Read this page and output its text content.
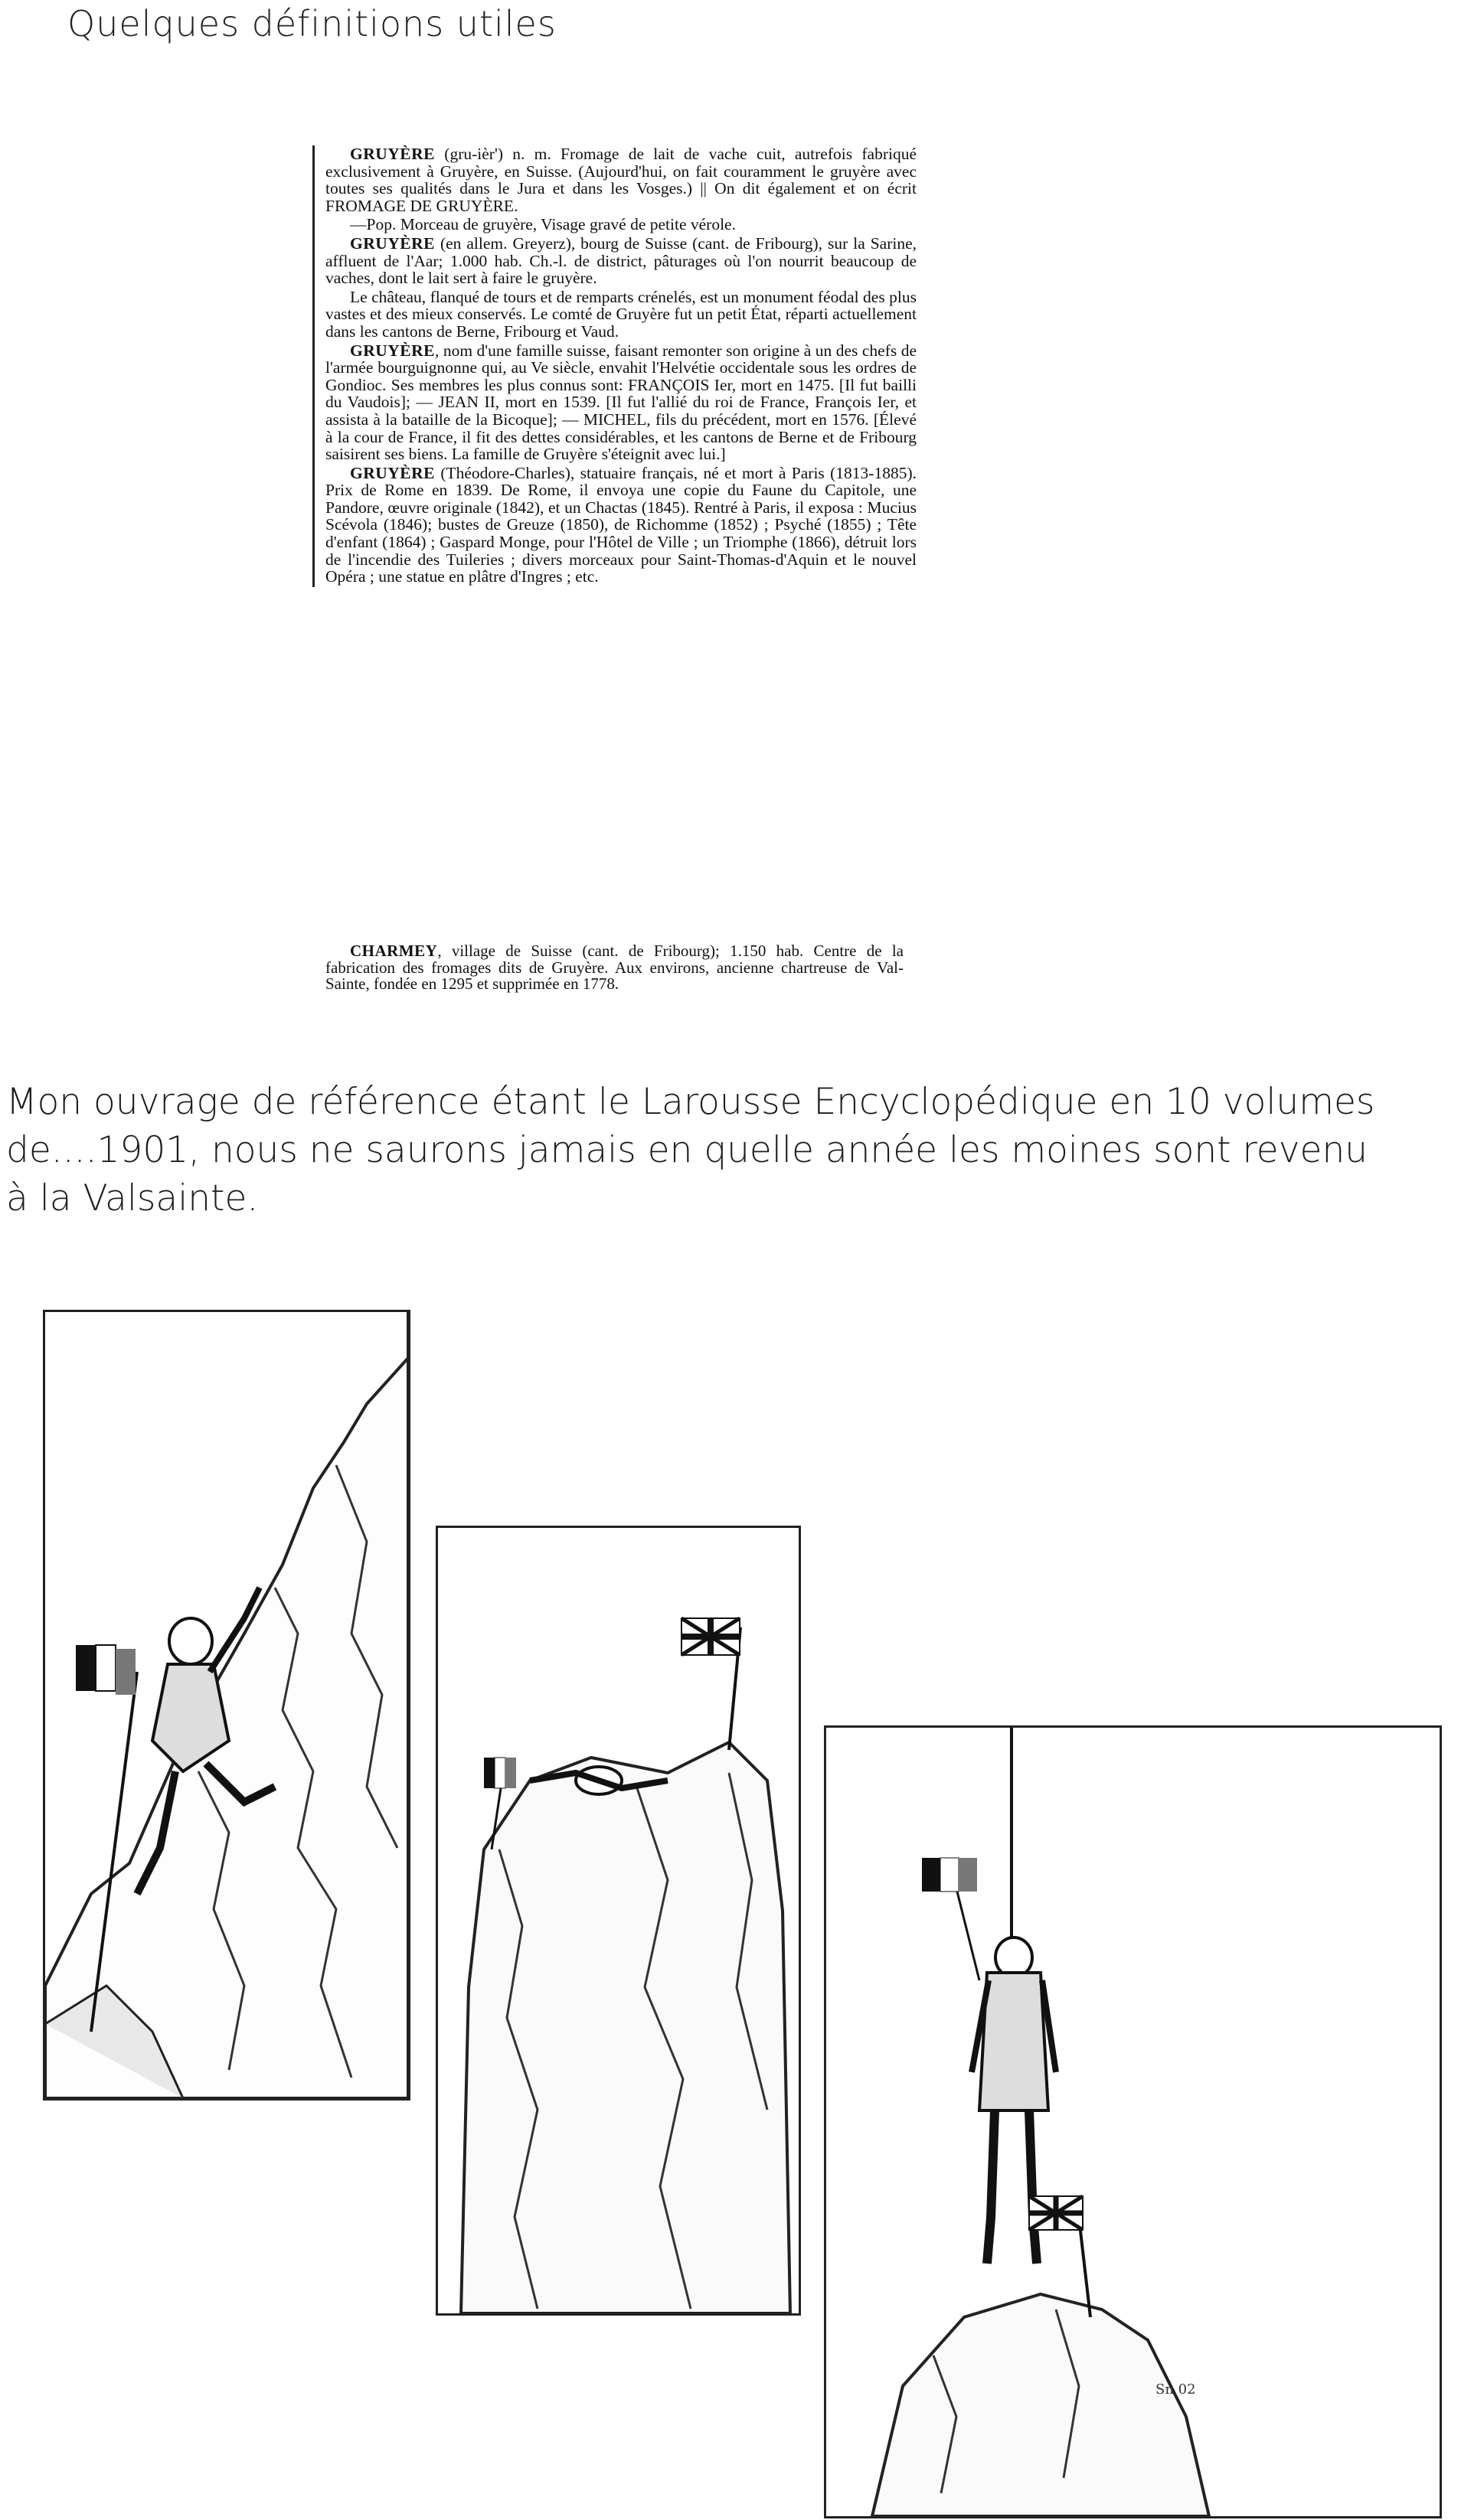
Quelques définitions utiles

GRUYÈRE (gru-ièr') n. m. Fromage de lait de vache cuit, autrefois fabriqué exclusivement à Gruyère, en Suisse. (Aujourd'hui, on fait couramment le gruyère avec toutes ses qualités dans le Jura et dans les Vosges.) || On dit également et on écrit FROMAGE DE GRUYÈRE.

—Pop. Morceau de gruyère, Visage gravé de petite vérole.

GRUYÈRE (en allem. Greyerz), bourg de Suisse (cant. de Fribourg), sur la Sarine, affluent de l'Aar; 1.000 hab. Ch.-l. de district, pâturages où l'on nourrit beaucoup de vaches, dont le lait sert à faire le gruyère.

Le château, flanqué de tours et de remparts crénelés, est un monument féodal des plus vastes et des mieux conservés. Le comté de Gruyère fut un petit État, réparti actuellement dans les cantons de Berne, Fribourg et Vaud.

GRUYÈRE, nom d'une famille suisse, faisant remonter son origine à un des chefs de l'armée bourguignonne qui, au Ve siècle, envahit l'Helvétie occidentale sous les ordres de Gondioc. Ses membres les plus connus sont: FRANÇOIS Ier, mort en 1475. [Il fut bailli du Vaudois]; — JEAN II, mort en 1539. [Il fut l'allié du roi de France, François Ier, et assista à la bataille de la Bicoque]; — MICHEL, fils du précédent, mort en 1576. [Élevé à la cour de France, il fit des dettes considérables, et les cantons de Berne et de Fribourg saisirent ses biens. La famille de Gruyère s'éteignit avec lui.]

GRUYÈRE (Théodore-Charles), statuaire français, né et mort à Paris (1813-1885). Prix de Rome en 1839. De Rome, il envoya une copie du Faune du Capitole, une Pandore, œuvre originale (1842), et un Chactas (1845). Rentré à Paris, il exposa : Mucius Scévola (1846); bustes de Greuze (1850), de Richomme (1852) ; Psyché (1855) ; Tête d'enfant (1864) ; Gaspard Monge, pour l'Hôtel de Ville ; un Triomphe (1866), détruit lors de l'incendie des Tuileries ; divers morceaux pour Saint-Thomas-d'Aquin et le nouvel Opéra ; une statue en plâtre d'Ingres ; etc.

CHARMEY, village de Suisse (cant. de Fribourg); 1.150 hab. Centre de la fabrication des fromages dits de Gruyère. Aux environs, ancienne chartreuse de Val-Sainte, fondée en 1295 et supprimée en 1778.

Mon ouvrage de référence étant le Larousse Encyclopédique en 10 volumes
de....1901, nous ne saurons jamais en quelle année les moines sont revenu
à la Valsainte.
Sn 02
